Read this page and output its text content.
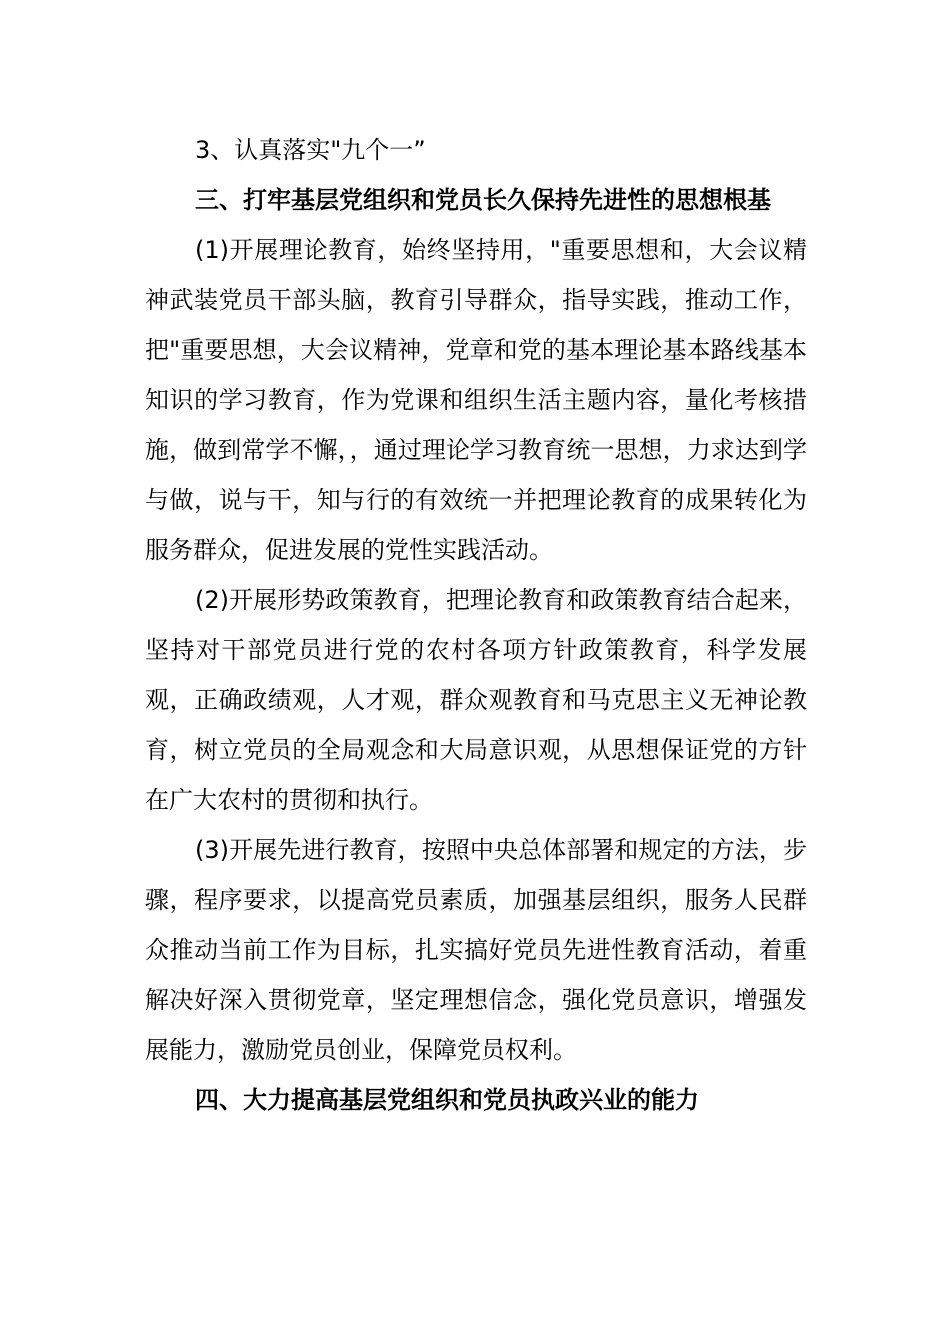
3、认真落实"九个一”

三、打牢基层党组织和党员长久保持先进性的思想根基

(1)开展理论教育，始终坚持用，"重要思想和，大会议精神武装党员干部头脑，教育引导群众，指导实践，推动工作，把"重要思想，大会议精神，党章和党的基本理论基本路线基本知识的学习教育，作为党课和组织生活主题内容，量化考核措施，做到常学不懈，，通过理论学习教育统一思想，力求达到学与做，说与干，知与行的有效统一并把理论教育的成果转化为服务群众，促进发展的党性实践活动。

(2)开展形势政策教育，把理论教育和政策教育结合起来，坚持对干部党员进行党的农村各项方针政策教育，科学发展观，正确政绩观，人才观，群众观教育和马克思主义无神论教育，树立党员的全局观念和大局意识观，从思想保证党的方针在广大农村的贯彻和执行。

(3)开展先进行教育，按照中央总体部署和规定的方法，步骤，程序要求，以提高党员素质，加强基层组织，服务人民群众推动当前工作为目标，扎实搞好党员先进性教育活动，着重解决好深入贯彻党章，坚定理想信念，强化党员意识，增强发展能力，激励党员创业，保障党员权利。

四、大力提高基层党组织和党员执政兴业的能力
